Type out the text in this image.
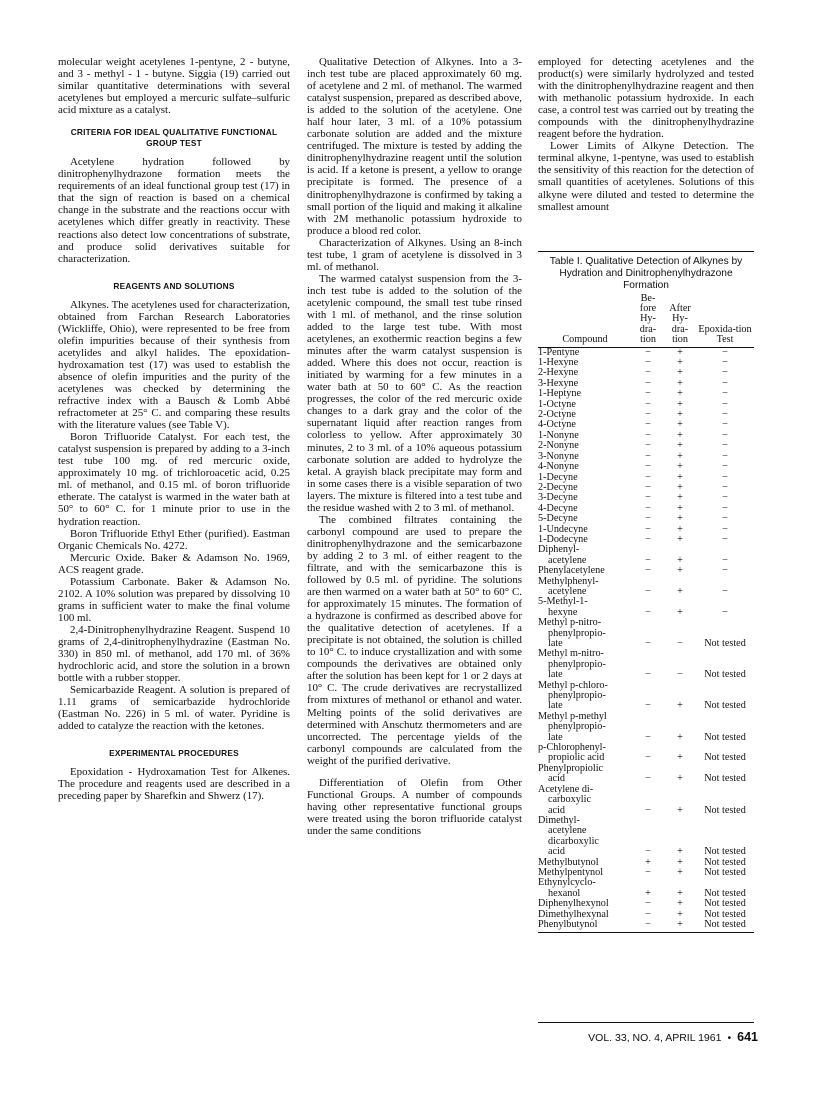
molecular weight acetylenes 1-pentyne, 2 - butyne, and 3 - methyl - 1 - butyne. Siggia (19) carried out similar quantitative determinations with several acetylenes but employed a mercuric sulfate–sulfuric acid mixture as a catalyst.

CRITERIA FOR IDEAL QUALITATIVE FUNCTIONAL GROUP TEST

Acetylene hydration followed by dinitrophenylhydrazone formation meets the requirements of an ideal functional group test (17) in that the sign of reaction is based on a chemical change in the substrate and the reactions occur with acetylenes which differ greatly in reactivity. These reactions also detect low concentrations of substrate, and produce solid derivatives suitable for characterization.

REAGENTS AND SOLUTIONS

Alkynes. The acetylenes used for characterization, obtained from Farchan Research Laboratories (Wickliffe, Ohio), were represented to be free from olefin impurities because of their synthesis from acetylides and alkyl halides. The epoxidation-hydroxamation test (17) was used to establish the absence of olefin impurities and the purity of the acetylenes was checked by determining the refractive index with a Bausch & Lomb Abbé refractometer at 25° C. and comparing these results with the literature values (see Table V).

Boron Trifluoride Catalyst. For each test, the catalyst suspension is prepared by adding to a 3-inch test tube 100 mg. of red mercuric oxide, approximately 10 mg. of trichloroacetic acid, 0.25 ml. of methanol, and 0.15 ml. of boron trifluoride etherate. The catalyst is warmed in the water bath at 50° to 60° C. for 1 minute prior to use in the hydration reaction.

Boron Trifluoride Ethyl Ether (purified). Eastman Organic Chemicals No. 4272.

Mercuric Oxide. Baker & Adamson No. 1969, ACS reagent grade.

Potassium Carbonate. Baker & Adamson No. 2102. A 10% solution was prepared by dissolving 10 grams in sufficient water to make the final volume 100 ml.

2,4-Dinitrophenylhydrazine Reagent. Suspend 10 grams of 2,4-dinitrophenylhydrazine (Eastman No. 330) in 850 ml. of methanol, add 170 ml. of 36% hydrochloric acid, and store the solution in a brown bottle with a rubber stopper.

Semicarbazide Reagent. A solution is prepared of 1.11 grams of semicarbazide hydrochloride (Eastman No. 226) in 5 ml. of water. Pyridine is added to catalyze the reaction with the ketones.

EXPERIMENTAL PROCEDURES

Epoxidation - Hydroxamation Test for Alkenes. The procedure and reagents used are described in a preceding paper by Sharefkin and Shwerz (17).

Qualitative Detection of Alkynes. Into a 3-inch test tube are placed approximately 60 mg. of acetylene and 2 ml. of methanol. The warmed catalyst suspension, prepared as described above, is added to the solution of the acetylene. One half hour later, 3 ml. of a 10% potassium carbonate solution are added and the mixture centrifuged. The mixture is tested by adding the dinitrophenylhydrazine reagent until the solution is acid. If a ketone is present, a yellow to orange precipitate is formed. The presence of a dinitrophenylhydrazone is confirmed by taking a small portion of the liquid and making it alkaline with 2M methanolic potassium hydroxide to produce a blood red color.

Characterization of Alkynes. Using an 8-inch test tube, 1 gram of acetylene is dissolved in 3 ml. of methanol.

The warmed catalyst suspension from the 3-inch test tube is added to the solution of the acetylenic compound, the small test tube rinsed with 1 ml. of methanol, and the rinse solution added to the large test tube. With most acetylenes, an exothermic reaction begins a few minutes after the warm catalyst suspension is added. Where this does not occur, reaction is initiated by warming for a few minutes in a water bath at 50 to 60° C. As the reaction progresses, the color of the red mercuric oxide changes to a dark gray and the color of the supernatant liquid after reaction ranges from colorless to yellow. After approximately 30 minutes, 2 to 3 ml. of a 10% aqueous potassium carbonate solution are added to hydrolyze the ketal. A grayish black precipitate may form and in some cases there is a visible separation of two layers. The mixture is filtered into a test tube and the residue washed with 2 to 3 ml. of methanol.

The combined filtrates containing the carbonyl compound are used to prepare the dinitrophenylhydrazone and the semicarbazone by adding 2 to 3 ml. of either reagent to the filtrate, and with the semicarbazone this is followed by 0.5 ml. of pyridine. The solutions are then warmed on a water bath at 50° to 60° C. for approximately 15 minutes. The formation of a hydrazone is confirmed as described above for the qualitative detection of acetylenes. If a precipitate is not obtained, the solution is chilled to 10° C. to induce crystallization and with some compounds the derivatives are obtained only after the solution has been kept for 1 or 2 days at 10° C. The crude derivatives are recrystallized from mixtures of methanol or ethanol and water. Melting points of the solid derivatives are determined with Anschutz thermometers and are uncorrected. The percentage yields of the carbonyl compounds are calculated from the weight of the purified derivative.

Differentiation of Olefin from Other Functional Groups. A number of compounds having other representative functional groups were treated using the boron trifluoride catalyst under the same conditions

employed for detecting acetylenes and the product(s) were similarly hydrolyzed and tested with the dinitrophenylhydrazine reagent and then with methanolic potassium hydroxide. In each case, a control test was carried out by treating the compounds with the dinitrophenylhydrazine reagent before the hydration.

Lower Limits of Alkyne Detection. The terminal alkyne, 1-pentyne, was used to establish the sensitivity of this reaction for the detection of small quantities of acetylenes. Solutions of this alkyne were diluted and tested to determine the smallest amount

Table I. Qualitative Detection of Alkynes by Hydration and Dinitrophenylhydrazone Formation
Compound	Be-fore Hy-dra-tion	After Hy-dra-tion	Epoxida-tion Test

1-Pentyne	−	+	−

1-Hexyne	−	+	−

2-Hexyne	−	+	−

3-Hexyne	−	+	−

1-Heptyne	−	+	−

1-Octyne	−	+	−

2-Octyne	−	+	−

4-Octyne	−	+	−

1-Nonyne	−	+	−

2-Nonyne	−	+	−

3-Nonyne	−	+	−

4-Nonyne	−	+	−

1-Decyne	−	+	−

2-Decyne	−	+	−

3-Decyne	−	+	−

4-Decyne	−	+	−

5-Decyne	−	+	−

1-Undecyne	−	+	−

1-Dodecyne	−	+	−

Diphenyl-
acetylene	−	+	−

Phenylacetylene	−	+	−

Methylphenyl-
acetylene	−	+	−

5-Methyl-1-
hexyne	−	+	−

Methyl p-nitro-
phenylpropio-
late	−	−	Not tested

Methyl m-nitro-
phenylpropio-
late	−	−	Not tested

Methyl p-chloro-
phenylpropio-
late	−	+	Not tested

Methyl p-methyl
phenylpropio-
late	−	+	Not tested

p-Chlorophenyl-
propiolic acid	−	+	Not tested

Phenylpropiolic
acid	−	+	Not tested

Acetylene di-
carboxylic
acid	−	+	Not tested

Dimethyl-
acetylene
dicarboxylic
acid	−	+	Not tested

Methylbutynol	+	+	Not tested

Methylpentynol	−	+	Not tested

Ethynylcyclo-
hexanol	+	+	Not tested

Diphenylhexynol	−	+	Not tested

Dimethylhexynal	−	+	Not tested

Phenylbutynol	−	+	Not tested
VOL. 33, NO. 4, APRIL 1961 • 641
